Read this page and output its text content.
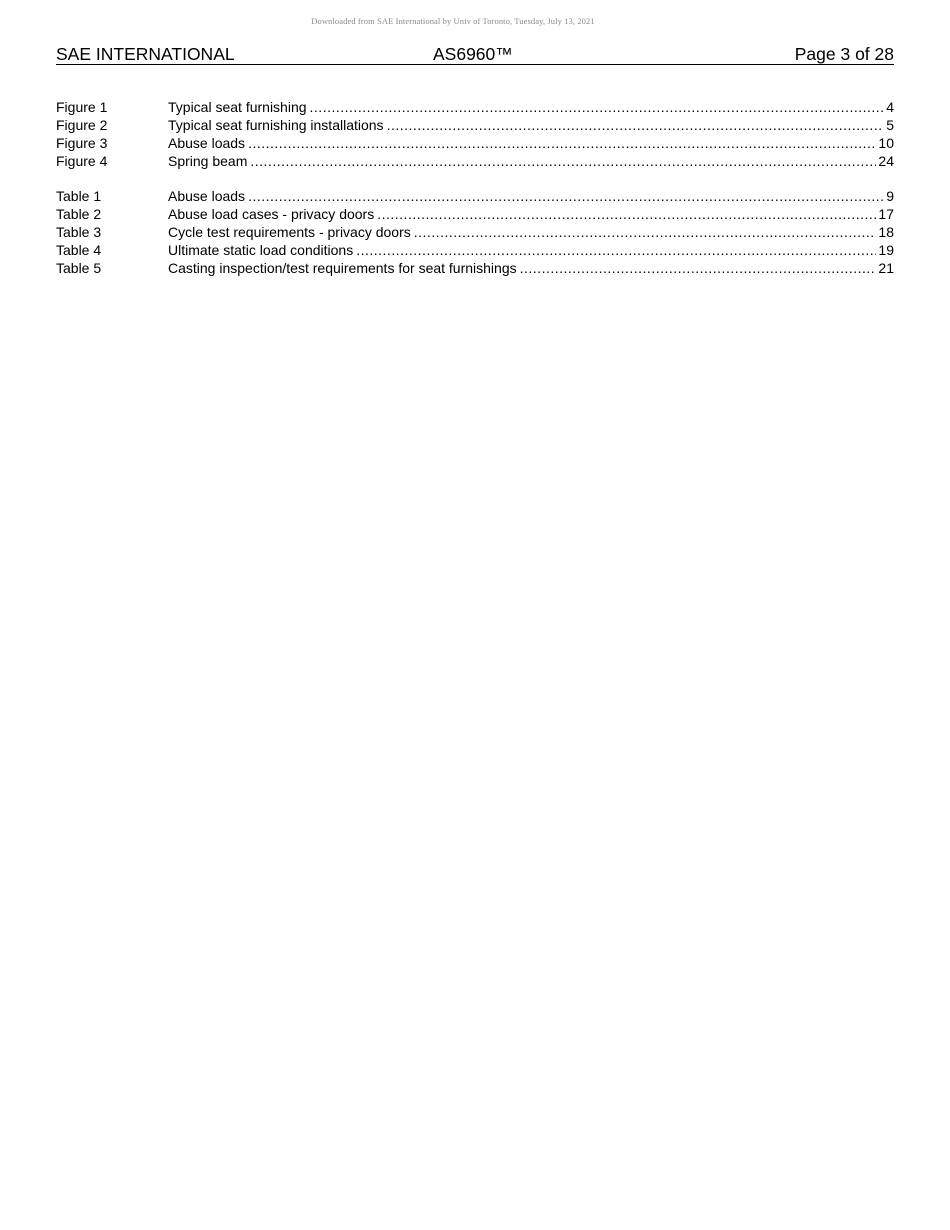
Downloaded from SAE International by Univ of Toronto, Tuesday, July 13, 2021
SAE INTERNATIONAL	AS6960™	Page 3 of 28
Figure 1	Typical seat furnishing .....	4
Figure 2	Typical seat furnishing installations .....	5
Figure 3	Abuse loads .....	10
Figure 4	Spring beam .....	24
Table 1	Abuse loads .....	9
Table 2	Abuse load cases - privacy doors .....	17
Table 3	Cycle test requirements - privacy doors .....	18
Table 4	Ultimate static load conditions .....	19
Table 5	Casting inspection/test requirements for seat furnishings .....	21
